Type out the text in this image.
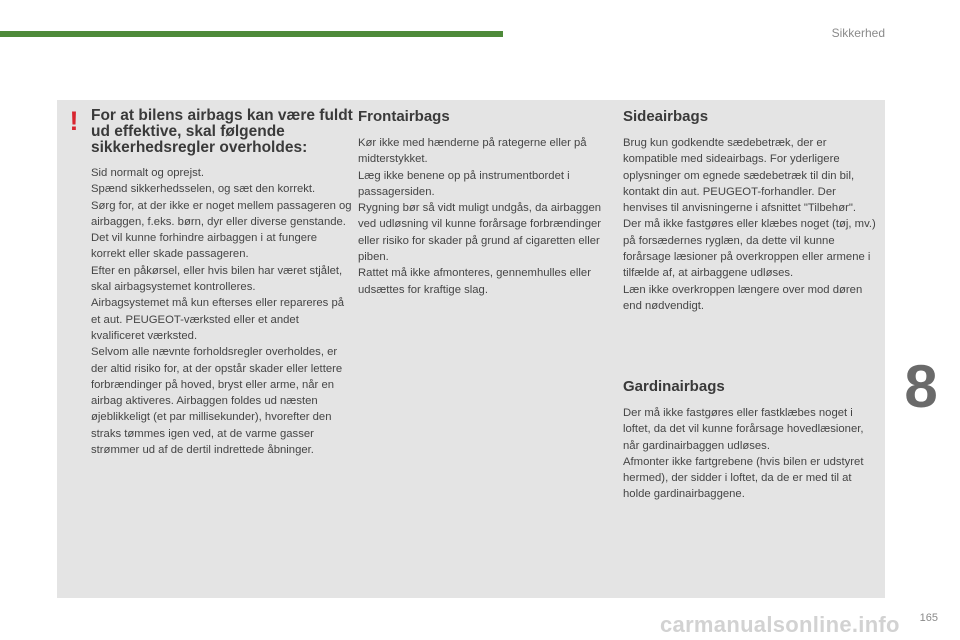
Sikkerhed
! For at bilens airbags kan være fuldt ud effektive, skal følgende sikkerhedsregler overholdes:
Sid normalt og oprejst.
Spænd sikkerhedsselen, og sæt den korrekt.
Sørg for, at der ikke er noget mellem passageren og airbaggen, f.eks. børn, dyr eller diverse genstande. Det vil kunne forhindre airbaggen i at fungere korrekt eller skade passageren.
Efter en påkørsel, eller hvis bilen har været stjålet, skal airbagsystemet kontrolleres.
Airbagsystemet må kun efterses eller repareres på et aut. PEUGEOT-værksted eller et andet kvalificeret værksted.
Selvom alle nævnte forholdsregler overholdes, er der altid risiko for, at der opstår skader eller lettere forbrændinger på hoved, bryst eller arme, når en airbag aktiveres. Airbaggen foldes ud næsten øjeblikkeligt (et par millisekunder), hvorefter den straks tømmes igen ved, at de varme gasser strømmer ud af de dertil indrettede åbninger.
Frontairbags
Kør ikke med hænderne på rategerne eller på midterstykket.
Læg ikke benene op på instrumentbordet i passagersiden.
Rygning bør så vidt muligt undgås, da airbaggen ved udløsning vil kunne forårsage forbrændinger eller risiko for skader på grund af cigaretten eller piben.
Rattet må ikke afmonteres, gennemhulles eller udsættes for kraftige slag.
Sideairbags
Brug kun godkendte sædebetræk, der er kompatible med sideairbags. For yderligere oplysninger om egnede sædebetræk til din bil, kontakt din aut. PEUGEOT-forhandler. Der henvises til anvisningerne i afsnittet "Tilbehør".
Der må ikke fastgøres eller klæbes noget (tøj, mv.) på forsædernes ryglæn, da dette vil kunne forårsage læsioner på overkroppen eller armene i tilfælde af, at airbaggene udløses.
Læn ikke overkroppen længere over mod døren end nødvendigt.
Gardinairbags
Der må ikke fastgøres eller fastklæbes noget i loftet, da det vil kunne forårsage hovedlæsioner, når gardinairbaggen udløses.
Afmonter ikke fartgrebene (hvis bilen er udstyret hermed), der sidder i loftet, da de er med til at holde gardinairbaggene.
8
carmanualsonline.info 165
